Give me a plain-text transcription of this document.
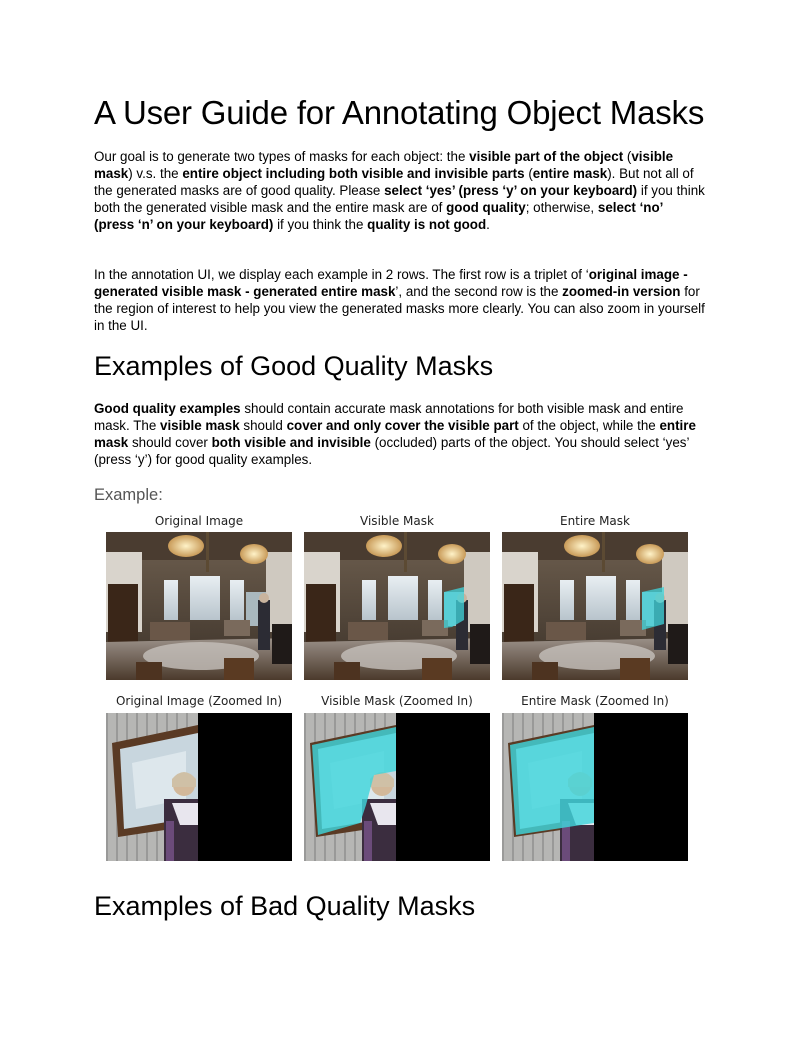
A User Guide for Annotating Object Masks

Our goal is to generate two types of masks for each object: the visible part of the object (visible mask) v.s. the entire object including both visible and invisible parts (entire mask). But not all of the generated masks are of good quality. Please select ‘yes’ (press ‘y’ on your keyboard) if you think both the generated visible mask and the entire mask are of good quality; otherwise, select ‘no’ (press ‘n’ on your keyboard) if you think the quality is not good.

In the annotation UI, we display each example in 2 rows. The first row is a triplet of ‘original image - generated visible mask - generated entire mask’, and the second row is the zoomed-in version for the region of interest to help you view the generated masks more clearly. You can also zoom in yourself in the UI.

Examples of Good Quality Masks

Good quality examples should contain accurate mask annotations for both visible mask and entire mask. The visible mask should cover and only cover the visible part of the object, while the entire mask should cover both visible and invisible (occluded) parts of the object. You should select ‘yes’ (press ‘y’) for good quality examples.

Example:
Original Image	Visible Mask	Entire Mask
Original Image (Zoomed In)	Visible Mask (Zoomed In)	Entire Mask (Zoomed In)
Examples of Bad Quality Masks
